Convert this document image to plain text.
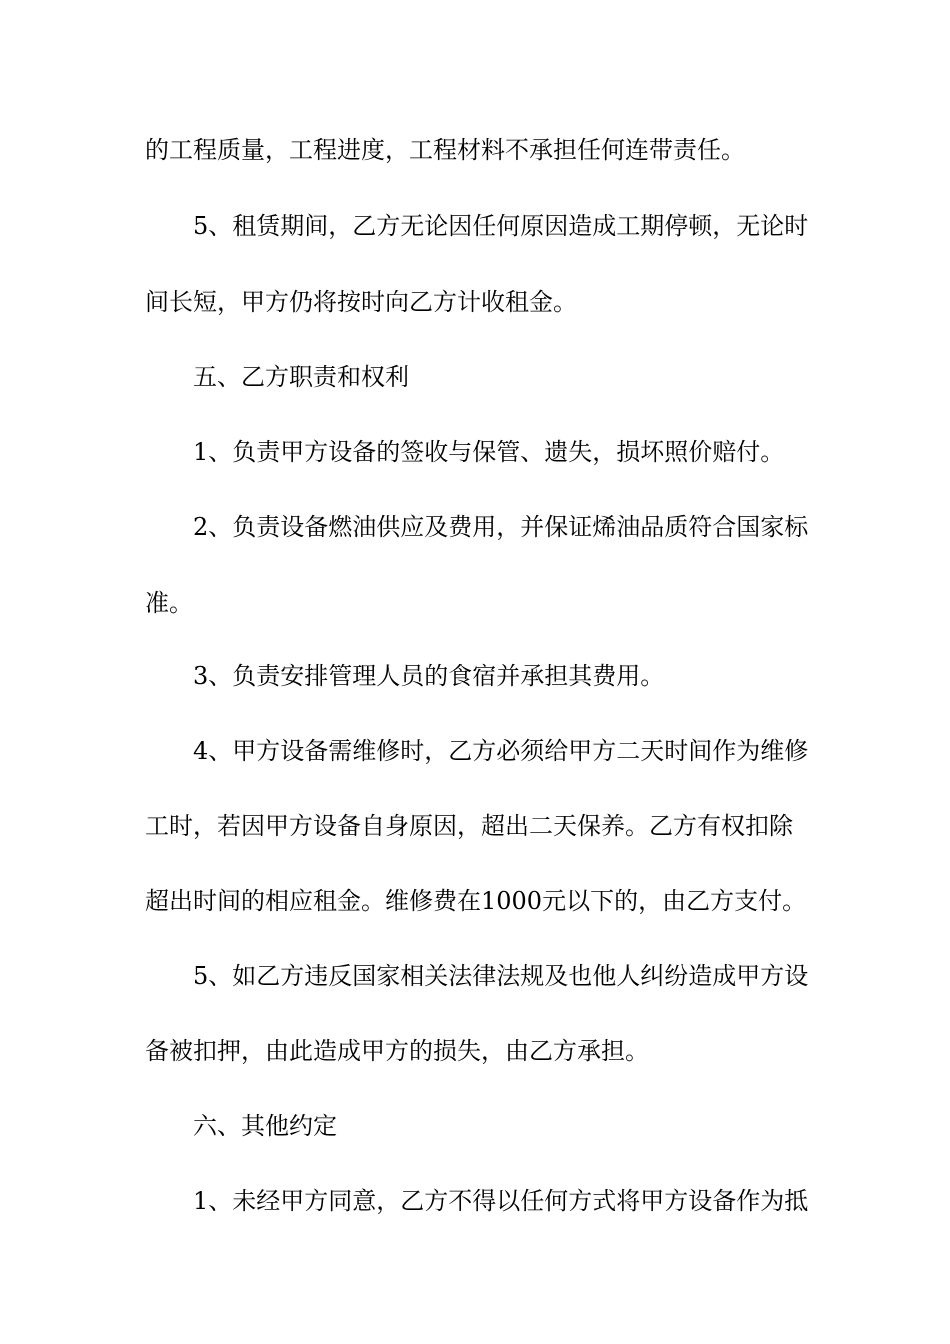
的工程质量，工程进度，工程材料不承担任何连带责任。
5、租赁期间，乙方无论因任何原因造成工期停顿，无论时
间长短，甲方仍将按时向乙方计收租金。
五、乙方职责和权利
1、负责甲方设备的签收与保管、遗失，损坏照价赔付。
2、负责设备燃油供应及费用，并保证烯油品质符合国家标
准。
3、负责安排管理人员的食宿并承担其费用。
4、甲方设备需维修时，乙方必须给甲方二天时间作为维修
工时，若因甲方设备自身原因，超出二天保养。乙方有权扣除
超出时间的相应租金。维修费在1000元以下的，由乙方支付。
5、如乙方违反国家相关法律法规及也他人纠纷造成甲方设
备被扣押，由此造成甲方的损失，由乙方承担。
六、其他约定
1、未经甲方同意，乙方不得以任何方式将甲方设备作为抵
